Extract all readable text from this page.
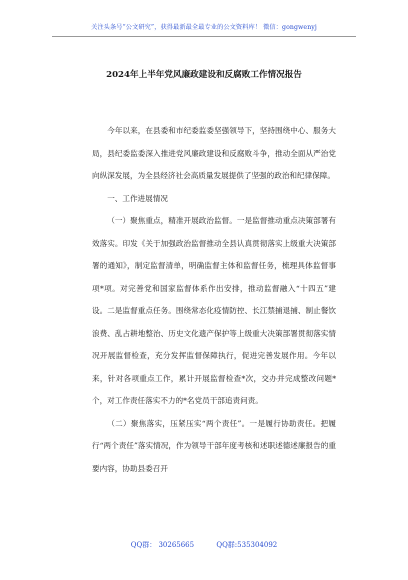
关注头条号“公文研究”，获得最新最全最专业的公文资料库！ 微信：gongwenyj
2024年上半年党风廉政建设和反腐败工作情况报告

今年以来，在县委和市纪委监委坚强领导下，坚持围绕中心、服务大局，县纪委监委深入推进党风廉政建设和反腐败斗争，推动全面从严治党向纵深发展，为全县经济社会高质量发展提供了坚强的政治和纪律保障。

一、工作进展情况

（一）聚焦重点，精准开展政治监督。一是监督推动重点决策部署有效落实。印发《关于加强政治监督推动全县认真贯彻落实上级重大决策部署的通知》，制定监督清单，明确监督主体和监督任务，梳理具体监督事项*项。对完善党和国家监督体系作出安排，推动监督融入“十四五”建设。二是监督重点任务。围绕常态化疫情防控、长江禁捕退捕、制止餐饮浪费、乱占耕地整治、历史文化遗产保护等上级重大决策部署贯彻落实情况开展监督检查，充分发挥监督保障执行，促进完善发展作用。今年以来，针对各项重点工作，累计开展监督检查*次，交办并完成整改问题*个，对工作责任落实不力的*名党员干部追责问责。

（二）聚焦落实，压紧压实“两个责任”。一是履行协助责任。把履行“两个责任”落实情况，作为领导干部年度考核和述职述德述廉报告的重要内容，协助县委召开

QQ群： 30265665	QQ群:535304092
